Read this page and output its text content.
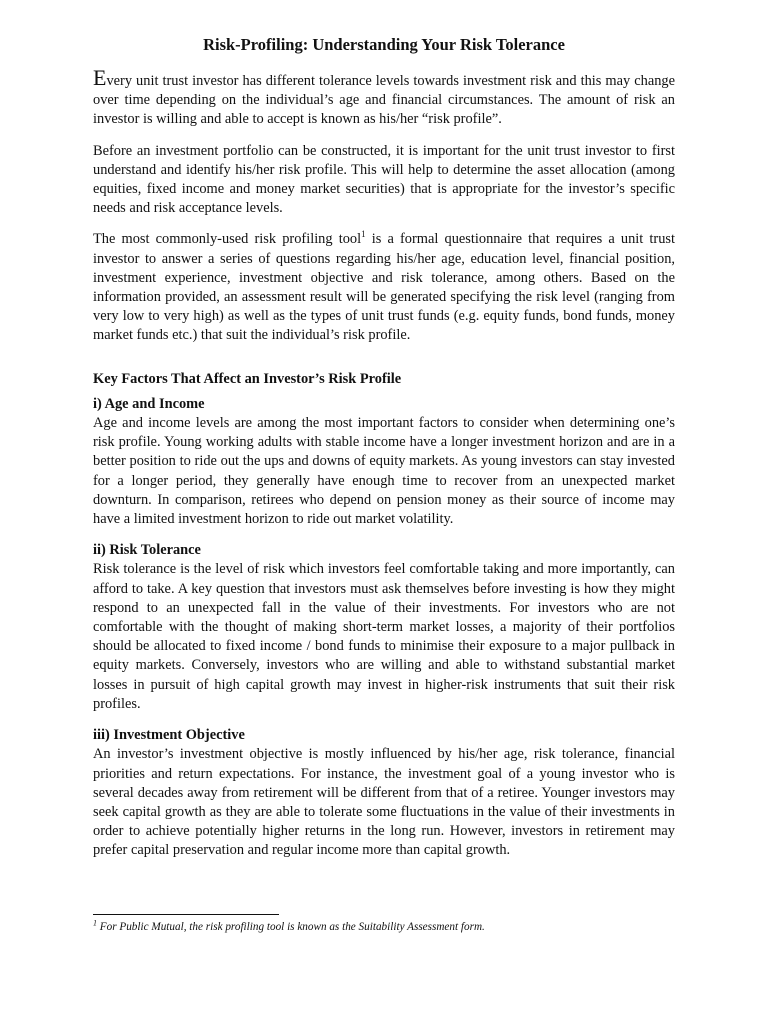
Risk-Profiling: Understanding Your Risk Tolerance

Every unit trust investor has different tolerance levels towards investment risk and this may change over time depending on the individual’s age and financial circumstances. The amount of risk an investor is willing and able to accept is known as his/her “risk profile”.

Before an investment portfolio can be constructed, it is important for the unit trust investor to first understand and identify his/her risk profile. This will help to determine the asset allocation (among equities, fixed income and money market securities) that is appropriate for the investor’s specific needs and risk acceptance levels.

The most commonly-used risk profiling tool$^1$ is a formal questionnaire that requires a unit trust investor to answer a series of questions regarding his/her age, education level, financial position, investment experience, investment objective and risk tolerance, among others. Based on the information provided, an assessment result will be generated specifying the risk level (ranging from very low to very high) as well as the types of unit trust funds (e.g. equity funds, bond funds, money market funds etc.) that suit the individual’s risk profile.

Key Factors That Affect an Investor’s Risk Profile
i) Age and Income

Age and income levels are among the most important factors to consider when determining one’s risk profile. Young working adults with stable income have a longer investment horizon and are in a better position to ride out the ups and downs of equity markets. As young investors can stay invested for a longer period, they generally have enough time to recover from an unexpected market downturn. In comparison, retirees who depend on pension money as their source of income may have a limited investment horizon to ride out market volatility.

ii) Risk Tolerance

Risk tolerance is the level of risk which investors feel comfortable taking and more importantly, can afford to take. A key question that investors must ask themselves before investing is how they might respond to an unexpected fall in the value of their investments. For investors who are not comfortable with the thought of making short-term market losses, a majority of their portfolios should be allocated to fixed income / bond funds to minimise their exposure to a major pullback in equity markets. Conversely, investors who are willing and able to withstand substantial market losses in pursuit of high capital growth may invest in higher-risk instruments that suit their risk profiles.

iii) Investment Objective

An investor’s investment objective is mostly influenced by his/her age, risk tolerance, financial priorities and return expectations. For instance, the investment goal of a young investor who is several decades away from retirement will be different from that of a retiree. Younger investors may seek capital growth as they are able to tolerate some fluctuations in the value of their investments in order to achieve potentially higher returns in the long run. However, investors in retirement may prefer capital preservation and regular income more than capital growth.

$^1$ For Public Mutual, the risk profiling tool is known as the Suitability Assessment form.
